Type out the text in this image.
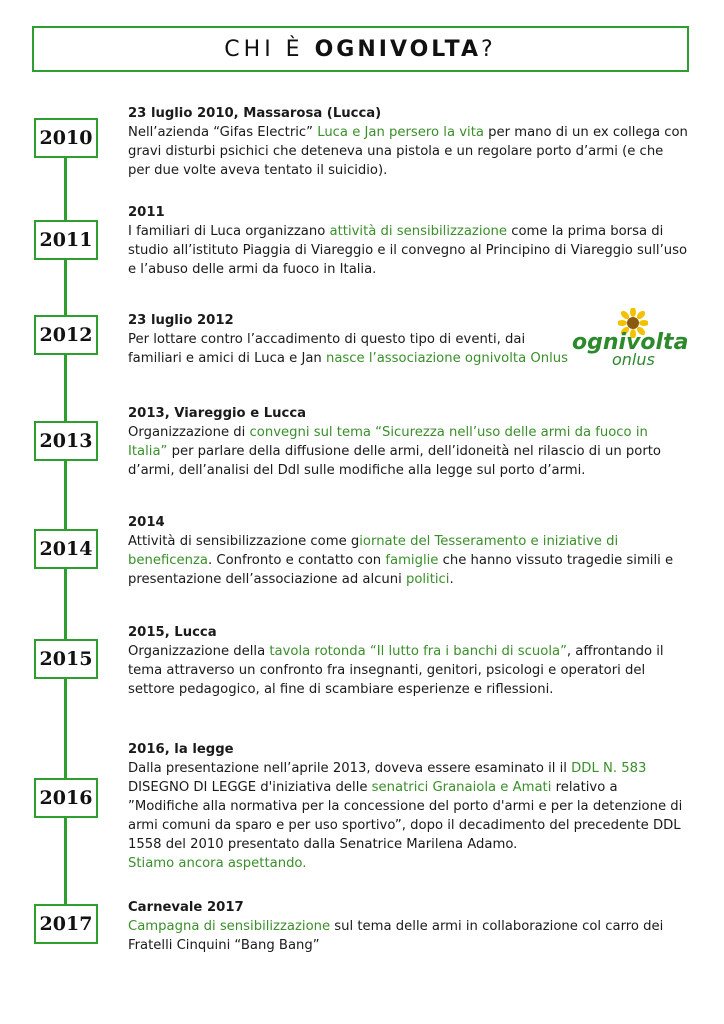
CHI È
OGNIVOLTA ?
2010
2011
2012
2013
2014
2015
2016
2017
23 luglio 2010, Massarosa (Lucca)
Nell’azienda “Gifas Electric” Luca e Jan persero la vita per mano di un ex collega con gravi disturbi psichici che deteneva una pistola e un regolare porto d’armi (e che per due volte aveva tentato il suicidio).
2011
I familiari di Luca organizzano attività di sensibilizzazione come la prima borsa di studio all’istituto Piaggia di Viareggio e il convegno al Principino di Viareggio sull’uso e l’abuso delle armi da fuoco in Italia.
23 luglio 2012
Per lottare contro l’accadimento di questo tipo di eventi, dai familiari e amici di Luca e Jan nasce l’associazione ognivolta Onlus
ognivolta
onlus
2013, Viareggio e Lucca
Organizzazione di convegni sul tema “Sicurezza nell’uso delle armi da fuoco in Italia” per parlare della diffusione delle armi, dell’idoneità nel rilascio di un porto d’armi, dell’analisi del Ddl sulle modifiche alla legge sul porto d’armi.
2014
Attività di sensibilizzazione come giornate del Tesseramento e iniziative di beneficenza. Confronto e contatto con famiglie che hanno vissuto tragedie simili e presentazione dell’associazione ad alcuni politici.
2015, Lucca
Organizzazione della tavola rotonda “Il lutto fra i banchi di scuola”, affrontando il tema attraverso un confronto fra insegnanti, genitori, psicologi e operatori del settore pedagogico, al fine di scambiare esperienze e riflessioni.
2016, la legge
Dalla presentazione nell’aprile 2013, doveva essere esaminato il il DDL N. 583 DISEGNO DI LEGGE d'iniziativa delle senatrici Granaiola e Amati relativo a ”Modifiche alla normativa per la concessione del porto d'armi e per la detenzione di armi comuni da sparo e per uso sportivo”, dopo il decadimento del precedente DDL 1558 del 2010 presentato dalla Senatrice Marilena Adamo.
Stiamo ancora aspettando.
Carnevale 2017
Campagna di sensibilizzazione sul tema delle armi in collaborazione col carro dei Fratelli Cinquini “Bang Bang”
